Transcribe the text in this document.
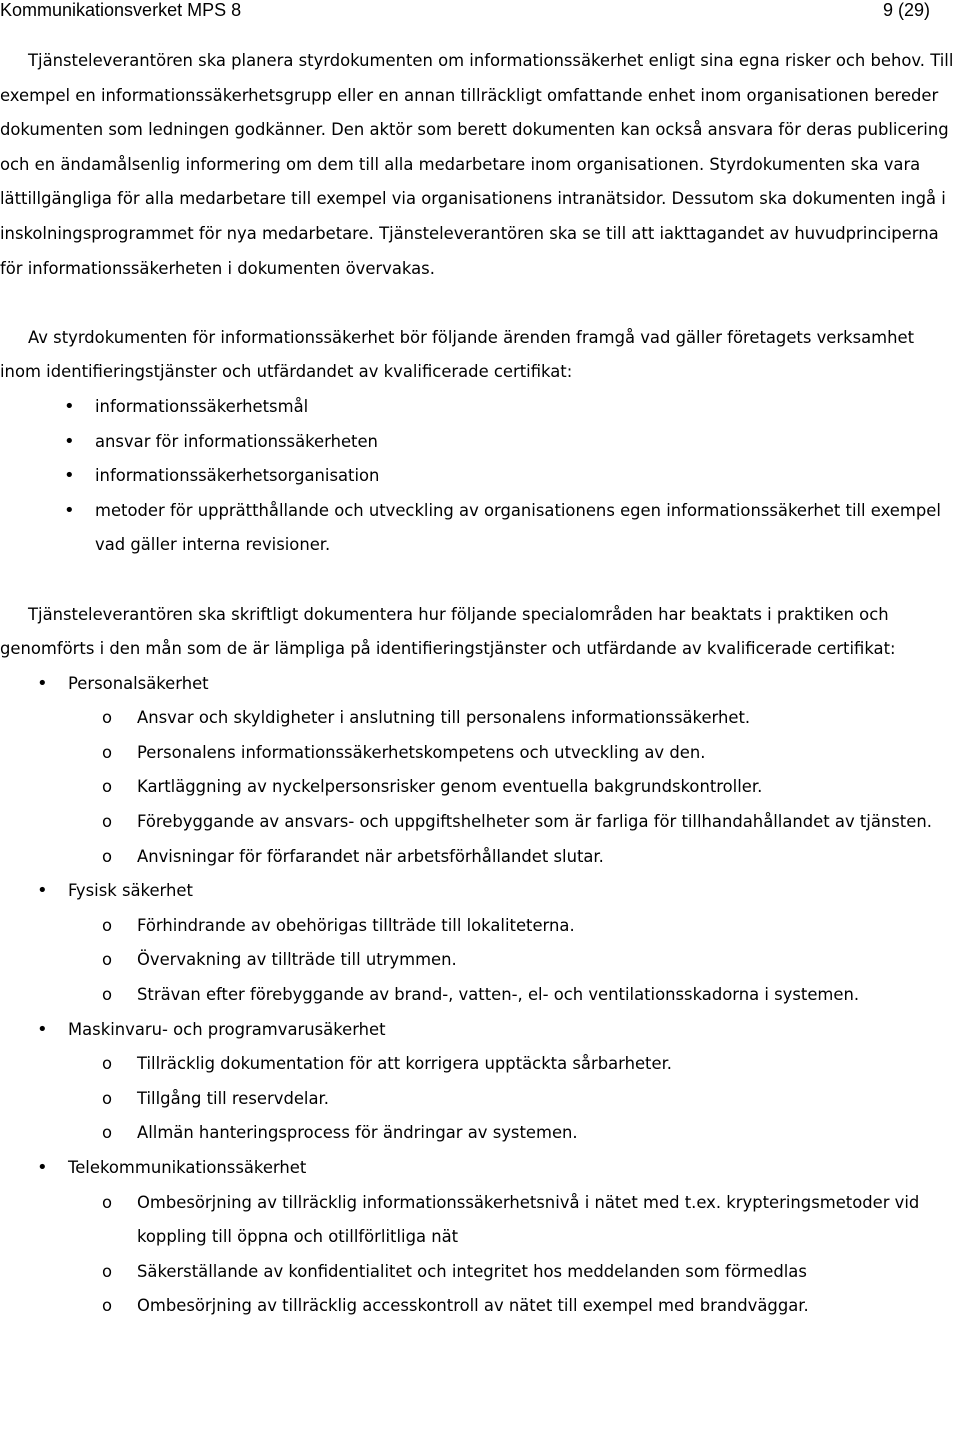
Kommunikationsverket MPS 8	9 (29)

Tjänsteleverantören ska planera styrdokumenten om informationssäkerhet enligt sina egna risker och behov. Till exempel en informationssäkerhetsgrupp eller en annan tillräckligt omfattande enhet inom organisationen bereder dokumenten som ledningen godkänner. Den aktör som berett dokumenten kan också ansvara för deras publicering och en ändamålsenlig informering om dem till alla medarbetare inom organisationen. Styrdokumenten ska vara lättillgängliga för alla medarbetare till exempel via organisationens intranätsidor. Dessutom ska dokumenten ingå i inskolningsprogrammet för nya medarbetare. Tjänsteleverantören ska se till att iakttagandet av huvudprinciperna för informationssäkerheten i dokumenten övervakas.

Av styrdokumenten för informationssäkerhet bör följande ärenden framgå vad gäller företagets verksamhet inom identifieringstjänster och utfärdandet av kvalificerade certifikat:

• informationssäkerhetsmål
• ansvar för informationssäkerheten
• informationssäkerhetsorganisation
• metoder för upprätthållande och utveckling av organisationens egen informationssäkerhet till exempel vad gäller interna revisioner.

Tjänsteleverantören ska skriftligt dokumentera hur följande specialområden har beaktats i praktiken och genomförts i den mån som de är lämpliga på identifieringstjänster och utfärdande av kvalificerade certifikat:

• Personalsäkerhet
o Ansvar och skyldigheter i anslutning till personalens informationssäkerhet.
o Personalens informationssäkerhetskompetens och utveckling av den.
o Kartläggning av nyckelpersonsrisker genom eventuella bakgrundskontroller.
o Förebyggande av ansvars- och uppgiftshelheter som är farliga för tillhandahållandet av tjänsten.
o Anvisningar för förfarandet när arbetsförhållandet slutar.
• Fysisk säkerhet
o Förhindrande av obehörigas tillträde till lokaliteterna.
o Övervakning av tillträde till utrymmen.
o Strävan efter förebyggande av brand-, vatten-, el- och ventilationsskadorna i systemen.
• Maskinvaru- och programvarusäkerhet
o Tillräcklig dokumentation för att korrigera upptäckta sårbarheter.
o Tillgång till reservdelar.
o Allmän hanteringsprocess för ändringar av systemen.
• Telekommunikationssäkerhet
o Ombesörjning av tillräcklig informationssäkerhetsnivå i nätet med t.ex. krypteringsmetoder vid koppling till öppna och otillförlitliga nät
o Säkerställande av konfidentialitet och integritet hos meddelanden som förmedlas
o Ombesörjning av tillräcklig accesskontroll av nätet till exempel med brandväggar.
